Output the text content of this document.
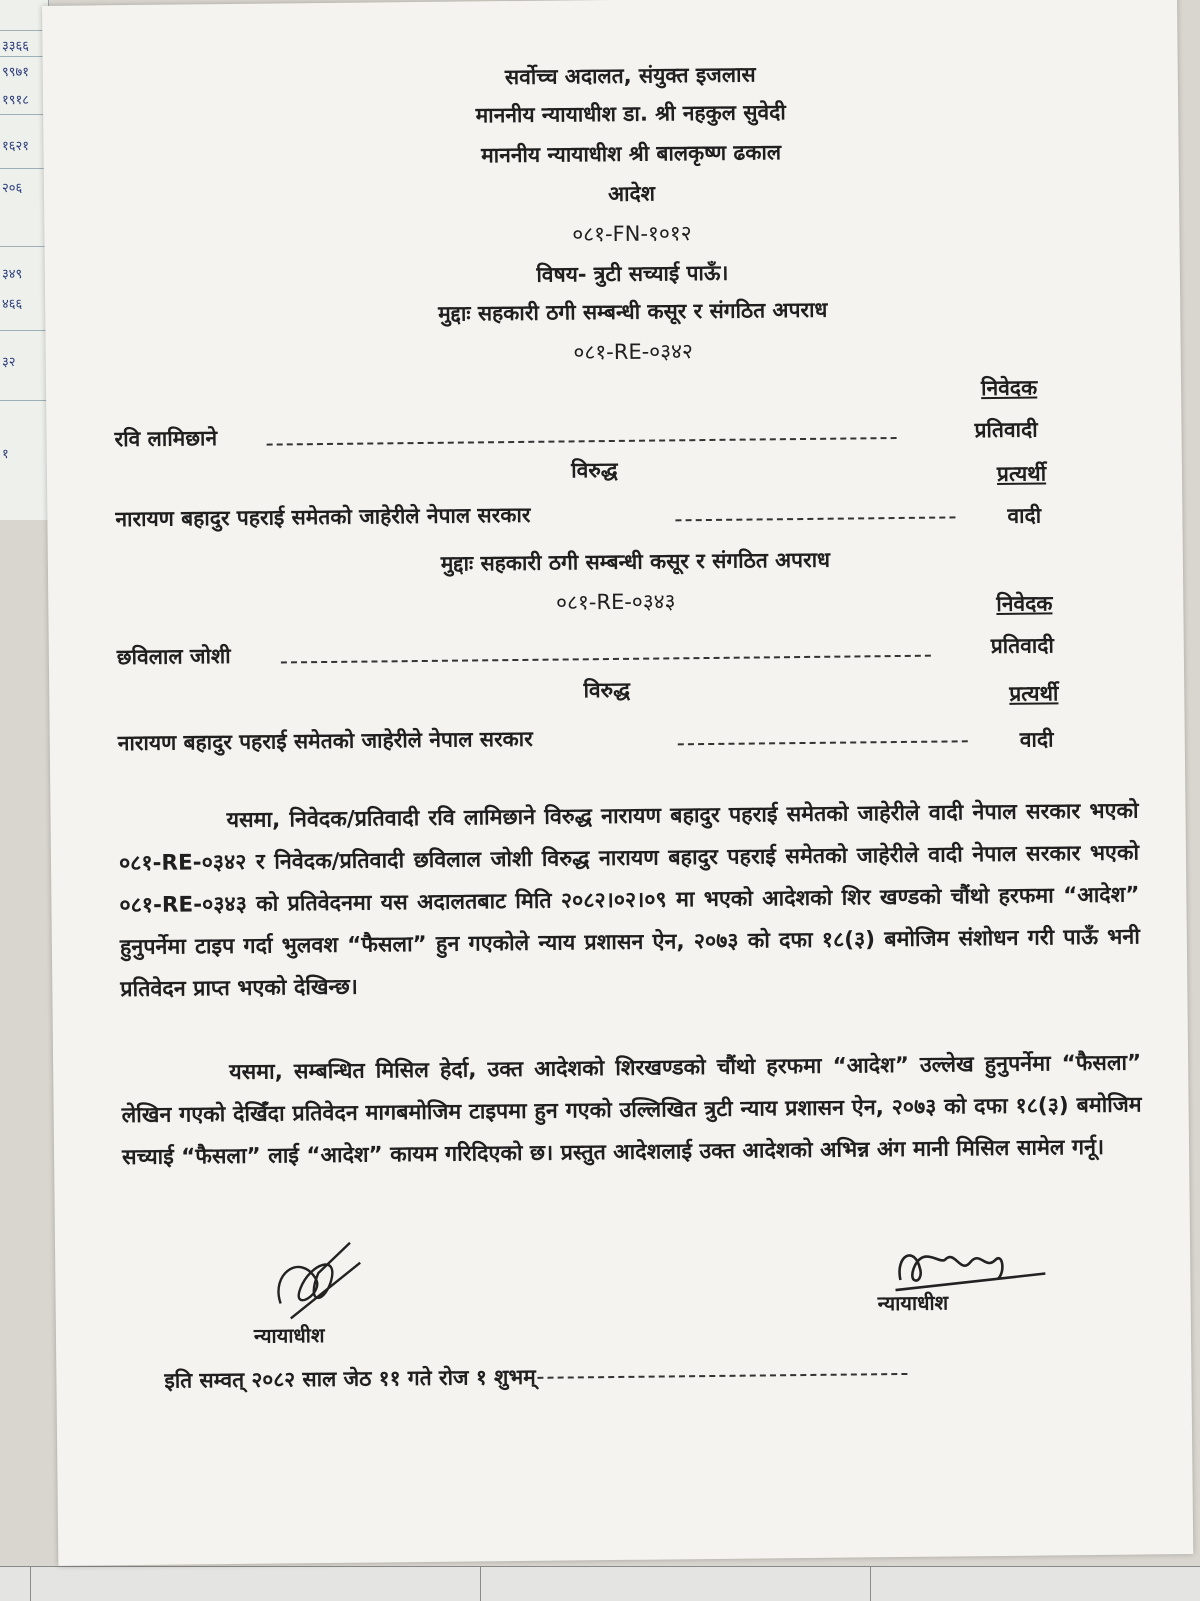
३३६६
९९७१
१९१८
१६२१
२०६
३४९
४६६
३२
१
सर्वोच्च अदालत, संयुक्त इजलास
माननीय न्यायाधीश डा. श्री नहकुल सुवेदी
माननीय न्यायाधीश श्री बालकृष्ण ढकाल
आदेश
०८१-FN-१०१२
विषय- त्रुटी सच्याई पाऊँ।
मुद्दाः सहकारी ठगी सम्बन्धी कसूर र संगठित अपराध
०८१-RE-०३४२
निवेदक
रवि लामिछाने	प्रतिवादी
विरुद्ध	प्रत्यर्थी
नारायण बहादुर पहराई समेतको जाहेरीले नेपाल सरकार	वादी
मुद्दाः सहकारी ठगी सम्बन्धी कसूर र संगठित अपराध
०८१-RE-०३४३	निवेदक
छविलाल जोशी	प्रतिवादी
विरुद्ध	प्रत्यर्थी
नारायण बहादुर पहराई समेतको जाहेरीले नेपाल सरकार	वादी
यसमा, निवेदक/प्रतिवादी रवि लामिछाने विरुद्ध नारायण बहादुर पहराई समेतको जाहेरीले वादी नेपाल सरकार भएको ०८१-RE-०३४२ र निवेदक/प्रतिवादी छविलाल जोशी विरुद्ध नारायण बहादुर पहराई समेतको जाहेरीले वादी नेपाल सरकार भएको ०८१-RE-०३४३ को प्रतिवेदनमा यस अदालतबाट मिति २०८२।०२।०९ मा भएको आदेशको शिर खण्डको चौंथो हरफमा “आदेश” हुनुपर्नेमा टाइप गर्दा भुलवश “फैसला” हुन गएकोले न्याय प्रशासन ऐन, २०७३ को दफा १८(३) बमोजिम संशोधन गरी पाऊँ भनी प्रतिवेदन प्राप्त भएको देखिन्छ।
यसमा, सम्बन्धित मिसिल हेर्दा, उक्त आदेशको शिरखण्डको चौंथो हरफमा “आदेश” उल्लेख हुनुपर्नेमा “फैसला” लेखिन गएको देखिँदा प्रतिवेदन मागबमोजिम टाइपमा हुन गएको उल्लिखित त्रुटी न्याय प्रशासन ऐन, २०७३ को दफा १८(३) बमोजिम सच्याई “फैसला” लाई “आदेश” कायम गरिदिएको छ। प्रस्तुत आदेशलाई उक्त आदेशको अभिन्न अंग मानी मिसिल सामेल गर्नू।
न्यायाधीश
न्यायाधीश
इति सम्वत् २०८२ साल जेठ ११ गते रोज १ शुभम्
